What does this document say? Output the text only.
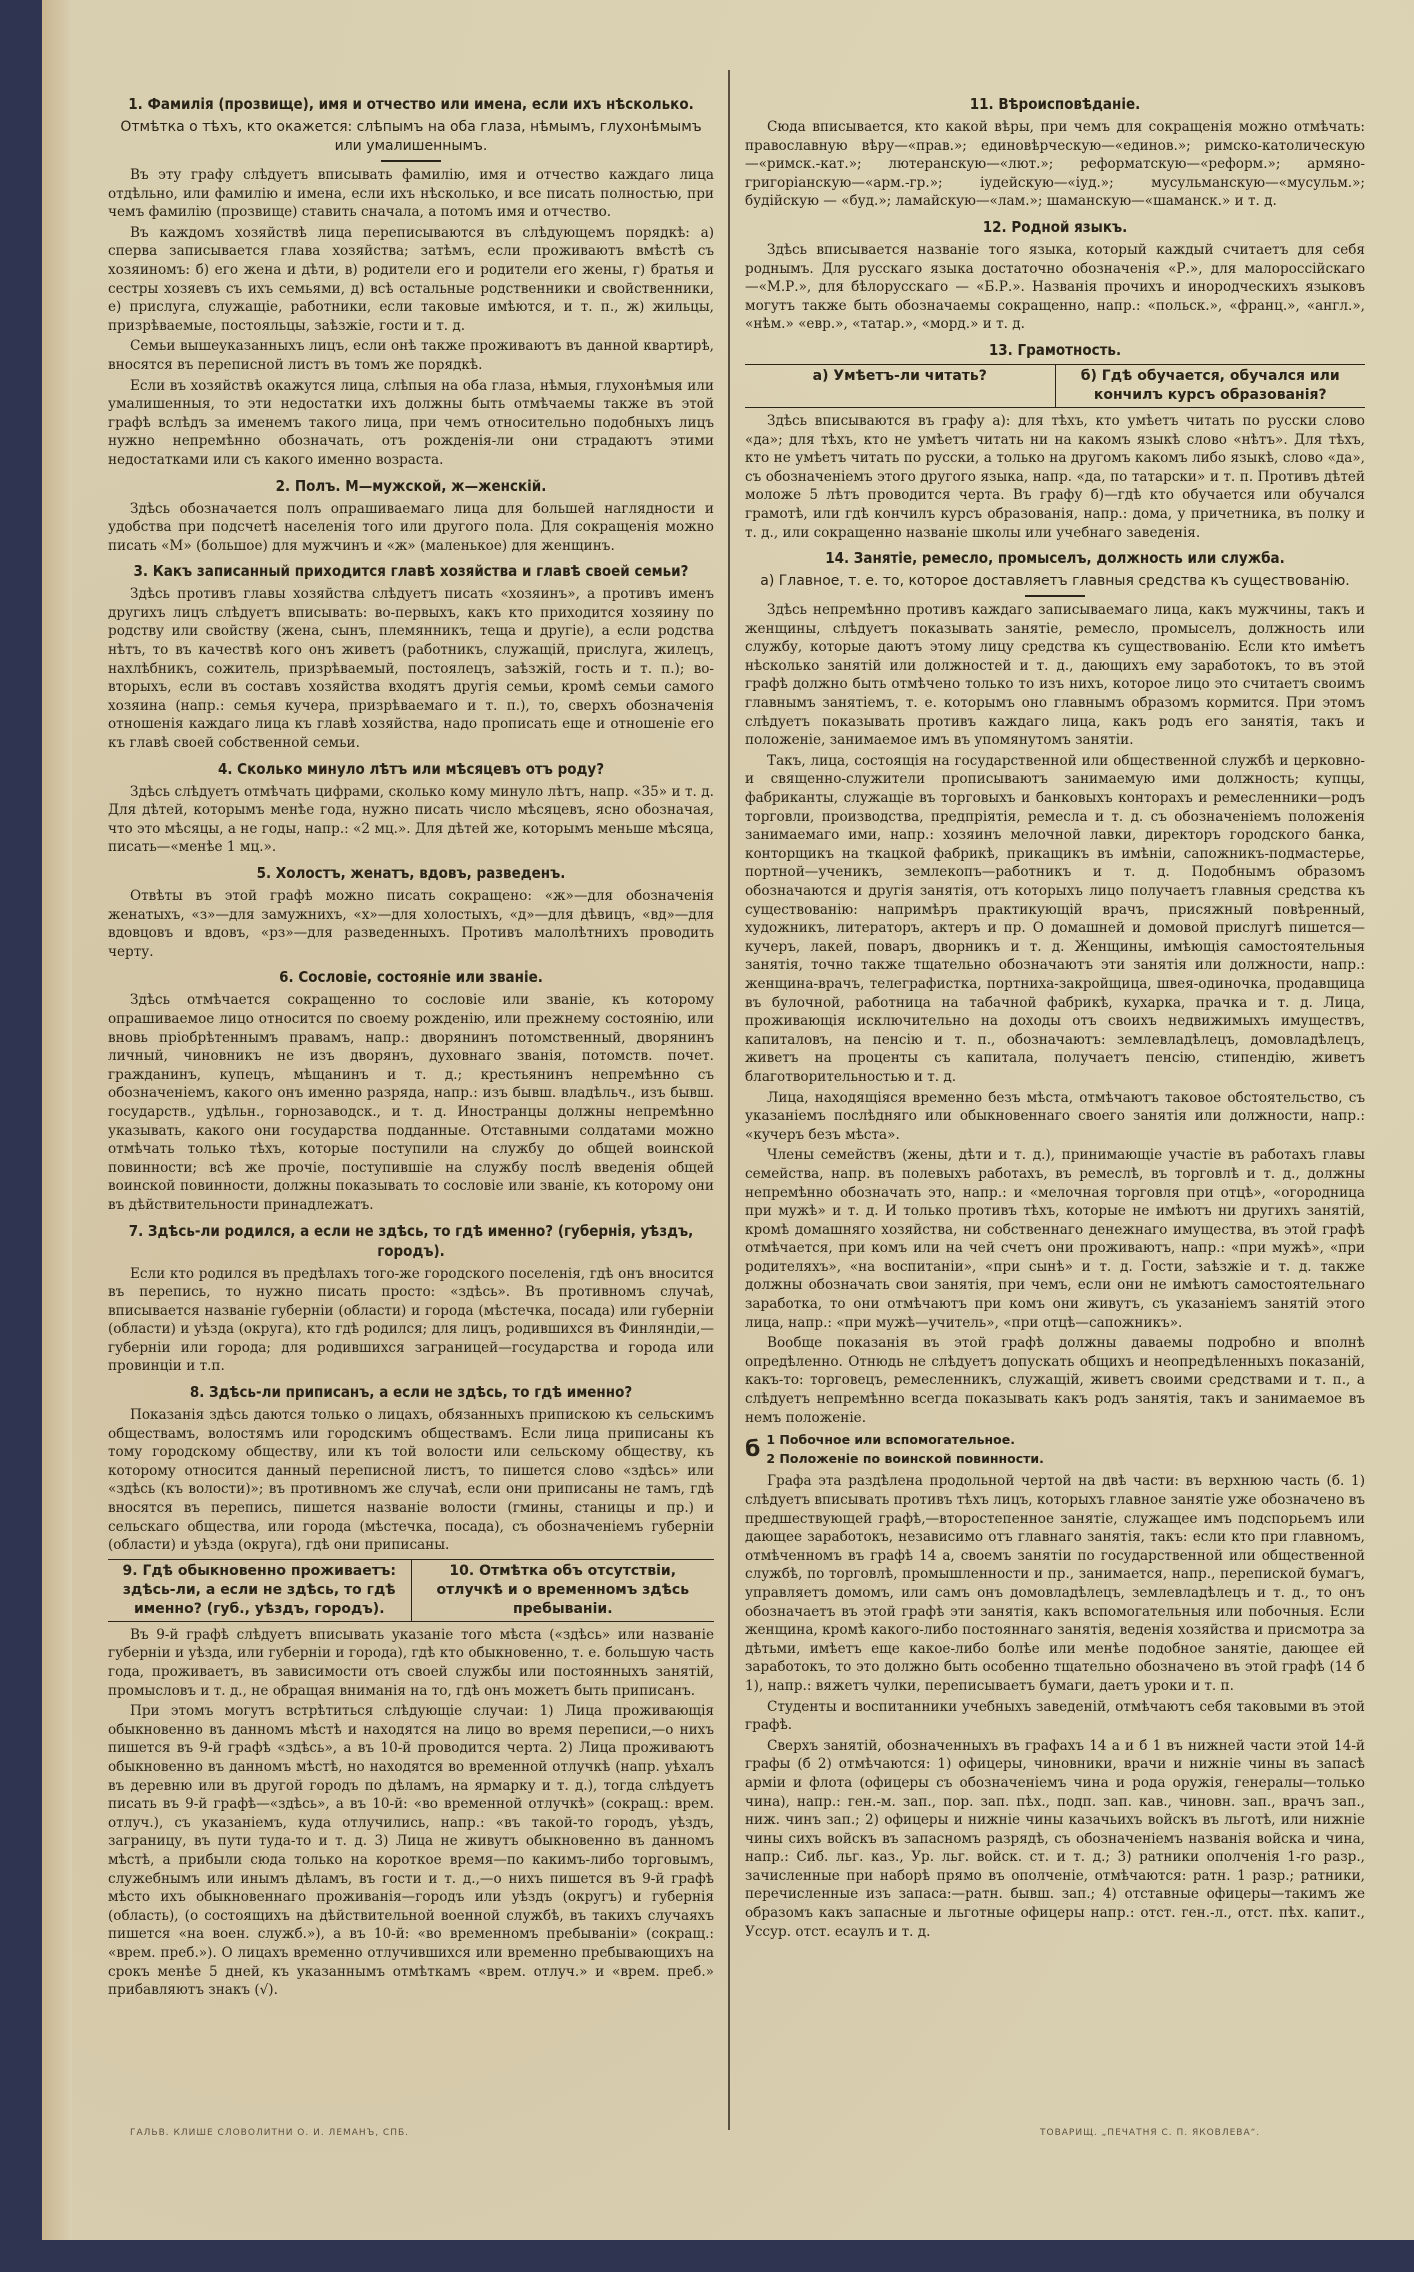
1. Фамилія (прозвище), имя и отчество или имена, если ихъ нѣсколько.
Отмѣтка о тѣхъ, кто окажется: слѣпымъ на оба глаза, нѣмымъ, глухонѣмымъ или умалишеннымъ.

Въ эту графу слѣдуетъ вписывать фамилію, имя и отчество каждаго лица отдѣльно, или фамилію и имена, если ихъ нѣсколько, и все писать полностью, при чемъ фамилію (прозвище) ставить сначала, а потомъ имя и отчество.

Въ каждомъ хозяйствѣ лица переписываются въ слѣдующемъ порядкѣ: а) сперва записывается глава хозяйства; затѣмъ, если проживаютъ вмѣстѣ съ хозяиномъ: б) его жена и дѣти, в) родители его и родители его жены, г) братья и сестры хозяевъ съ ихъ семьями, д) всѣ остальные родственники и свойственники, е) прислуга, служащіе, работники, если таковые имѣются, и т. п., ж) жильцы, призрѣваемые, постояльцы, заѣзжіе, гости и т. д.

Семьи вышеуказанныхъ лицъ, если онѣ также проживаютъ въ данной квартирѣ, вносятся въ переписной листъ въ томъ же порядкѣ.

Если въ хозяйствѣ окажутся лица, слѣпыя на оба глаза, нѣмыя, глухонѣмыя или умалишенныя, то эти недостатки ихъ должны быть отмѣчаемы также въ этой графѣ вслѣдъ за именемъ такого лица, при чемъ относительно подобныхъ лицъ нужно непремѣнно обозначать, отъ рожденія-ли они страдаютъ этими недостатками или съ какого именно возраста.

2. Полъ. М—мужской, ж—женскій.

Здѣсь обозначается полъ опрашиваемаго лица для большей наглядности и удобства при подсчетѣ населенія того или другого пола. Для сокращенія можно писать «М» (большое) для мужчинъ и «ж» (маленькое) для женщинъ.

3. Какъ записанный приходится главѣ хозяйства и главѣ своей семьи?

Здѣсь противъ главы хозяйства слѣдуетъ писать «хозяинъ», а противъ именъ другихъ лицъ слѣдуетъ вписывать: во-первыхъ, какъ кто приходится хозяину по родству или свойству (жена, сынъ, племянникъ, теща и другіе), а если родства нѣтъ, то въ качествѣ кого онъ живетъ (работникъ, служащій, прислуга, жилецъ, нахлѣбникъ, сожитель, призрѣваемый, постоялецъ, заѣзжій, гость и т. п.); во-вторыхъ, если въ составъ хозяйства входятъ другія семьи, кромѣ семьи самого хозяина (напр.: семья кучера, призрѣваемаго и т. п.), то, сверхъ обозначенія отношенія каждаго лица къ главѣ хозяйства, надо прописать еще и отношеніе его къ главѣ своей собственной семьи.

4. Сколько минуло лѣтъ или мѣсяцевъ отъ роду?

Здѣсь слѣдуетъ отмѣчать цифрами, сколько кому минуло лѣтъ, напр. «35» и т. д. Для дѣтей, которымъ менѣе года, нужно писать число мѣсяцевъ, ясно обозначая, что это мѣсяцы, а не годы, напр.: «2 мц.». Для дѣтей же, которымъ меньше мѣсяца, писать—«менѣе 1 мц.».

5. Холостъ, женатъ, вдовъ, разведенъ.

Отвѣты въ этой графѣ можно писать сокращено: «ж»—для обозначенія женатыхъ, «з»—для замужнихъ, «х»—для холостыхъ, «д»—для дѣвицъ, «вд»—для вдовцовъ и вдовъ, «рз»—для разведенныхъ. Противъ малолѣтнихъ проводить черту.

6. Сословіе, состояніе или званіе.

Здѣсь отмѣчается сокращенно то сословіе или званіе, къ которому опрашиваемое лицо относится по своему рожденію, или прежнему состоянію, или вновь пріобрѣтеннымъ правамъ, напр.: дворянинъ потомственный, дворянинъ личный, чиновникъ не изъ дворянъ, духовнаго званія, потомств. почет. гражданинъ, купецъ, мѣщанинъ и т. д.; крестьянинъ непремѣнно съ обозначеніемъ, какого онъ именно разряда, напр.: изъ бывш. владѣльч., изъ бывш. государств., удѣльн., горнозаводск., и т. д. Иностранцы должны непремѣнно указывать, какого они государства подданные. Отставными солдатами можно отмѣчать только тѣхъ, которые поступили на службу до общей воинской повинности; всѣ же прочіе, поступившіе на службу послѣ введенія общей воинской повинности, должны показывать то сословіе или званіе, къ которому они въ дѣйствительности принадлежатъ.

7. Здѣсь-ли родился, а если не здѣсь, то гдѣ именно? (губернія, уѣздъ, городъ).

Если кто родился въ предѣлахъ того-же городского поселенія, гдѣ онъ вносится въ перепись, то нужно писать просто: «здѣсь». Въ противномъ случаѣ, вписывается названіе губерніи (области) и города (мѣстечка, посада) или губерніи (области) и уѣзда (округа), кто гдѣ родился; для лицъ, родившихся въ Финляндіи,—губерніи или города; для родившихся заграницей—государства и города или провинціи и т.п.

8. Здѣсь-ли приписанъ, а если не здѣсь, то гдѣ именно?

Показанія здѣсь даются только о лицахъ, обязанныхъ припискою къ сельскимъ обществамъ, волостямъ или городскимъ обществамъ. Если лица приписаны къ тому городскому обществу, или къ той волости или сельскому обществу, къ которому относится данный переписной листъ, то пишется слово «здѣсь» или «здѣсь (къ волости)»; въ противномъ же случаѣ, если они приписаны не тамъ, гдѣ вносятся въ перепись, пишется названіе волости (гмины, станицы и пр.) и сельскаго общества, или города (мѣстечка, посада), съ обозначеніемъ губерніи (области) и уѣзда (округа), гдѣ они приписаны.

9. Гдѣ обыкновенно проживаетъ: здѣсь-ли, а если не здѣсь, то гдѣ именно? (губ., уѣздъ, городъ).
10. Отмѣтка объ отсутствіи, отлучкѣ и о временномъ здѣсь пребываніи.

Въ 9-й графѣ слѣдуетъ вписывать указаніе того мѣста («здѣсь» или названіе губерніи и уѣзда, или губерніи и города), гдѣ кто обыкновенно, т. е. большую часть года, проживаетъ, въ зависимости отъ своей службы или постоянныхъ занятій, промысловъ и т. д., не обращая вниманія на то, гдѣ онъ можетъ быть приписанъ.

При этомъ могутъ встрѣтиться слѣдующіе случаи: 1) Лица проживающія обыкновенно въ данномъ мѣстѣ и находятся на лицо во время переписи,—о нихъ пишется въ 9-й графѣ «здѣсь», а въ 10-й проводится черта. 2) Лица проживаютъ обыкновенно въ данномъ мѣстѣ, но находятся во временной отлучкѣ (напр. уѣхалъ въ деревню или въ другой городъ по дѣламъ, на ярмарку и т. д.), тогда слѣдуетъ писать въ 9-й графѣ—«здѣсь», а въ 10-й: «во временной отлучкѣ» (сокращ.: врем. отлуч.), съ указаніемъ, куда отлучились, напр.: «въ такой-то городъ, уѣздъ, заграницу, въ пути туда-то и т. д. 3) Лица не живутъ обыкновенно въ данномъ мѣстѣ, а прибыли сюда только на короткое время—по какимъ-либо торговымъ, служебнымъ или инымъ дѣламъ, въ гости и т. д.,—о нихъ пишется въ 9-й графѣ мѣсто ихъ обыкновеннаго проживанія—городъ или уѣздъ (округъ) и губернія (область), (о состоящихъ на дѣйствительной военной службѣ, въ такихъ случаяхъ пишется «на воен. служб.»), а въ 10-й: «во временномъ пребываніи» (сокращ.: «врем. преб.»). О лицахъ временно отлучившихся или временно пребывающихъ на срокъ менѣе 5 дней, къ указаннымъ отмѣткамъ «врем. отлуч.» и «врем. преб.» прибавляютъ знакъ (√).

11. Вѣроисповѣданіе.

Сюда вписывается, кто какой вѣры, при чемъ для сокращенія можно отмѣчать: православную вѣру—«прав.»; единовѣрческую—«единов.»; римско-католическую—«римск.-кат.»; лютеранскую—«лют.»; реформатскую—«реформ.»; армяно-григоріанскую—«арм.-гр.»; іудейскую—«іуд.»; мусульманскую—«мусульм.»; будійскую — «буд.»; ламайскую—«лам.»; шаманскую—«шаманск.» и т. д.

12. Родной языкъ.

Здѣсь вписывается названіе того языка, который каждый считаетъ для себя роднымъ. Для русскаго языка достаточно обозначенія «Р.», для малороссійскаго—«М.Р.», для бѣлорусскаго — «Б.Р.». Названія прочихъ и инородческихъ языковъ могутъ также быть обозначаемы сокращенно, напр.: «польск.», «франц.», «англ.», «нѣм.» «евр.», «татар.», «морд.» и т. д.

13. Грамотность.
а) Умѣетъ-ли читать?	б) Гдѣ обучается, обучался или кончилъ курсъ образованія?

Здѣсь вписываются въ графу а): для тѣхъ, кто умѣетъ читать по русски слово «да»; для тѣхъ, кто не умѣетъ читать ни на какомъ языкѣ слово «нѣтъ». Для тѣхъ, кто не умѣетъ читать по русски, а только на другомъ какомъ либо языкѣ, слово «да», съ обозначеніемъ этого другого языка, напр. «да, по татарски» и т. п. Противъ дѣтей моложе 5 лѣтъ проводится черта. Въ графу б)—гдѣ кто обучается или обучался грамотѣ, или гдѣ кончилъ курсъ образованія, напр.: дома, у причетника, въ полку и т. д., или сокращенно названіе школы или учебнаго заведенія.

14. Занятіе, ремесло, промыселъ, должность или служба.
а) Главное, т. е. то, которое доставляетъ главныя средства къ существованію.

Здѣсь непремѣнно противъ каждаго записываемаго лица, какъ мужчины, такъ и женщины, слѣдуетъ показывать занятіе, ремесло, промыселъ, должность или службу, которые даютъ этому лицу средства къ существованію. Если кто имѣетъ нѣсколько занятій или должностей и т. д., дающихъ ему заработокъ, то въ этой графѣ должно быть отмѣчено только то изъ нихъ, которое лицо это считаетъ своимъ главнымъ занятіемъ, т. е. которымъ оно главнымъ образомъ кормится. При этомъ слѣдуетъ показывать противъ каждаго лица, какъ родъ его занятія, такъ и положеніе, занимаемое имъ въ упомянутомъ занятіи.

Такъ, лица, состоящія на государственной или общественной службѣ и церковно-и священно-служители прописываютъ занимаемую ими должность; купцы, фабриканты, служащіе въ торговыхъ и банковыхъ конторахъ и ремесленники—родъ торговли, производства, предпріятія, ремесла и т. д. съ обозначеніемъ положенія занимаемаго ими, напр.: хозяинъ мелочной лавки, директоръ городского банка, конторщикъ на ткацкой фабрикѣ, прикащикъ въ имѣніи, сапожникъ-подмастерье, портной—ученикъ, землекопъ—работникъ и т. д. Подобнымъ образомъ обозначаются и другія занятія, отъ которыхъ лицо получаетъ главныя средства къ существованію: напримѣръ практикующій врачъ, присяжный повѣренный, художникъ, литераторъ, актеръ и пр. О домашней и домовой прислугѣ пишется—кучеръ, лакей, поваръ, дворникъ и т. д. Женщины, имѣющія самостоятельныя занятія, точно также тщательно обозначаютъ эти занятія или должности, напр.: женщина-врачъ, телеграфистка, портниха-закройщица, швея-одиночка, продавщица въ булочной, работница на табачной фабрикѣ, кухарка, прачка и т. д. Лица, проживающія исключительно на доходы отъ своихъ недвижимыхъ имуществъ, капиталовъ, на пенсію и т. п., обозначаютъ: землевладѣлецъ, домовладѣлецъ, живетъ на проценты съ капитала, получаетъ пенсію, стипендію, живетъ благотворительностью и т. д.

Лица, находящіяся временно безъ мѣста, отмѣчаютъ таковое обстоятельство, съ указаніемъ послѣдняго или обыкновеннаго своего занятія или должности, напр.: «кучеръ безъ мѣста».

Члены семействъ (жены, дѣти и т. д.), принимающіе участіе въ работахъ главы семейства, напр. въ полевыхъ работахъ, въ ремеслѣ, въ торговлѣ и т. д., должны непремѣнно обозначать это, напр.: и «мелочная торговля при отцѣ», «огородница при мужѣ» и т. д. И только противъ тѣхъ, которые не имѣютъ ни другихъ занятій, кромѣ домашняго хозяйства, ни собственнаго денежнаго имущества, въ этой графѣ отмѣчается, при комъ или на чей счетъ они проживаютъ, напр.: «при мужѣ», «при родителяхъ», «на воспитаніи», «при сынѣ» и т. д. Гости, заѣзжіе и т. д. также должны обозначать свои занятія, при чемъ, если они не имѣютъ самостоятельнаго заработка, то они отмѣчаютъ при комъ они живутъ, съ указаніемъ занятій этого лица, напр.: «при мужѣ—учитель», «при отцѣ—сапожникъ».

Вообще показанія въ этой графѣ должны даваемы подробно и вполнѣ опредѣленно. Отнюдь не слѣдуетъ допускать общихъ и неопредѣленныхъ показаній, какъ-то: торговецъ, ремесленникъ, служащій, живетъ своими средствами и т. п., а слѣдуетъ непремѣнно всегда показывать какъ родъ занятія, такъ и занимаемое въ немъ положеніе.

б 1 Побочное или вспомогательное.
2 Положеніе по воинской повинности.

Графа эта раздѣлена продольной чертой на двѣ части: въ верхнюю часть (б. 1) слѣдуетъ вписывать противъ тѣхъ лицъ, которыхъ главное занятіе уже обозначено въ предшествующей графѣ,—второстепенное занятіе, служащее имъ подспорьемъ или дающее заработокъ, независимо отъ главнаго занятія, такъ: если кто при главномъ, отмѣченномъ въ графѣ 14 а, своемъ занятіи по государственной или общественной службѣ, по торговлѣ, промышленности и пр., занимается, напр., перепиской бумагъ, управляетъ домомъ, или самъ онъ домовладѣлецъ, землевладѣлецъ и т. д., то онъ обозначаетъ въ этой графѣ эти занятія, какъ вспомогательныя или побочныя. Если женщина, кромѣ какого-либо постояннаго занятія, веденія хозяйства и присмотра за дѣтьми, имѣетъ еще какое-либо болѣе или менѣе подобное занятіе, дающее ей заработокъ, то это должно быть особенно тщательно обозначено въ этой графѣ (14 б 1), напр.: вяжетъ чулки, переписываетъ бумаги, даетъ уроки и т. п.

Студенты и воспитанники учебныхъ заведеній, отмѣчаютъ себя таковыми въ этой графѣ.

Сверхъ занятій, обозначенныхъ въ графахъ 14 а и б 1 въ нижней части этой 14-й графы (б 2) отмѣчаются: 1) офицеры, чиновники, врачи и нижніе чины въ запасѣ арміи и флота (офицеры съ обозначеніемъ чина и рода оружія, генералы—только чина), напр.: ген.-м. зап., пор. зап. пѣх., подп. зап. кав., чиновн. зап., врачъ зап., ниж. чинъ зап.; 2) офицеры и нижніе чины казачьихъ войскъ въ льготѣ, или нижніе чины сихъ войскъ въ запасномъ разрядѣ, съ обозначеніемъ названія войска и чина, напр.: Сиб. льг. каз., Ур. льг. войск. ст. и т. д.; 3) ратники ополченія 1-го разр., зачисленные при наборѣ прямо въ ополченіе, отмѣчаются: ратн. 1 разр.; ратники, перечисленные изъ запаса:—ратн. бывш. зап.; 4) отставные офицеры—такимъ же образомъ какъ запасные и льготные офицеры напр.: отст. ген.-л., отст. пѣх. капит., Уссур. отст. есаулъ и т. д.

ГАЛЬВ. КЛИШЕ СЛОВОЛИТНИ О. И. ЛЕМАНЪ, СПБ.	ТОВАРИЩ. „ПЕЧАТНЯ С. П. ЯКОВЛЕВА“.
